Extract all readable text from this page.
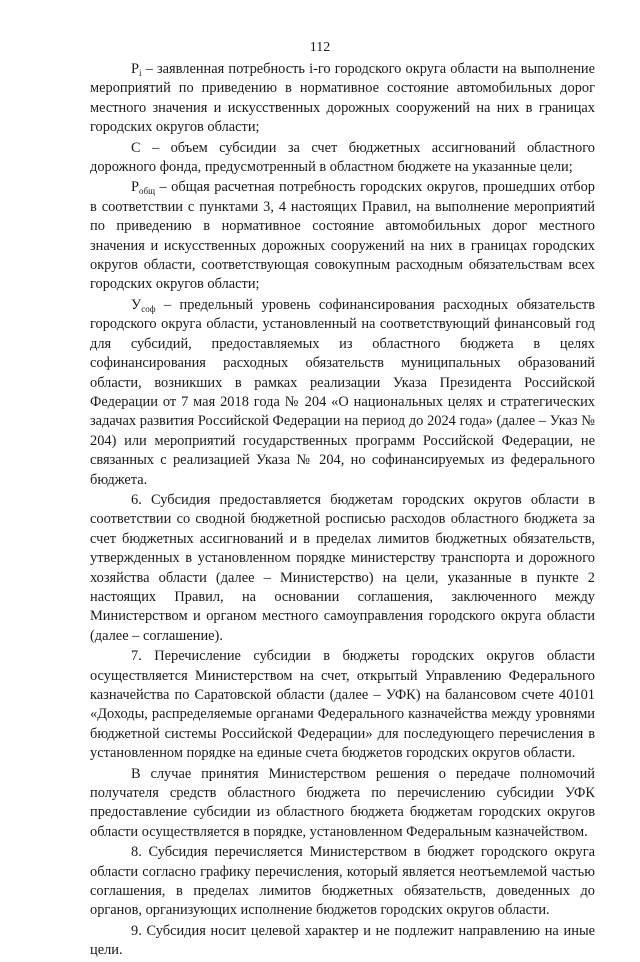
112

$P_i$ – заявленная потребность i-го городского округа области на выполнение мероприятий по приведению в нормативное состояние автомобильных дорог местного значения и искусственных дорожных сооружений на них в границах городских округов области;

С – объем субсидии за счет бюджетных ассигнований областного дорожного фонда, предусмотренный в областном бюджете на указанные цели;

$P_{общ}$ – общая расчетная потребность городских округов, прошедших отбор в соответствии с пунктами 3, 4 настоящих Правил, на выполнение мероприятий по приведению в нормативное состояние автомобильных дорог местного значения и искусственных дорожных сооружений на них в границах городских округов области, соответствующая совокупным расходным обязательствам всех городских округов области;

$У_{соф}$ – предельный уровень софинансирования расходных обязательств городского округа области, установленный на соответствующий финансовый год для субсидий, предоставляемых из областного бюджета в целях софинансирования расходных обязательств муниципальных образований области, возникших в рамках реализации Указа Президента Российской Федерации от 7 мая 2018 года № 204 «О национальных целях и стратегических задачах развития Российской Федерации на период до 2024 года» (далее – Указ № 204) или мероприятий государственных программ Российской Федерации, не связанных с реализацией Указа № 204, но софинансируемых из федерального бюджета.

6. Субсидия предоставляется бюджетам городских округов области в соответствии со сводной бюджетной росписью расходов областного бюджета за счет бюджетных ассигнований и в пределах лимитов бюджетных обязательств, утвержденных в установленном порядке министерству транспорта и дорожного хозяйства области (далее – Министерство) на цели, указанные в пункте 2 настоящих Правил, на основании соглашения, заключенного между Министерством и органом местного самоуправления городского округа области (далее – соглашение).

7. Перечисление субсидии в бюджеты городских округов области осуществляется Министерством на счет, открытый Управлению Федерального казначейства по Саратовской области (далее – УФК) на балансовом счете 40101 «Доходы, распределяемые органами Федерального казначейства между уровнями бюджетной системы Российской Федерации» для последующего перечисления в установленном порядке на единые счета бюджетов городских округов области.

В случае принятия Министерством решения о передаче полномочий получателя средств областного бюджета по перечислению субсидии УФК предоставление субсидии из областного бюджета бюджетам городских округов области осуществляется в порядке, установленном Федеральным казначейством.

8. Субсидия перечисляется Министерством в бюджет городского округа области согласно графику перечисления, который является неотъемлемой частью соглашения, в пределах лимитов бюджетных обязательств, доведенных до органов, организующих исполнение бюджетов городских округов области.

9. Субсидия носит целевой характер и не подлежит направлению на иные цели.
